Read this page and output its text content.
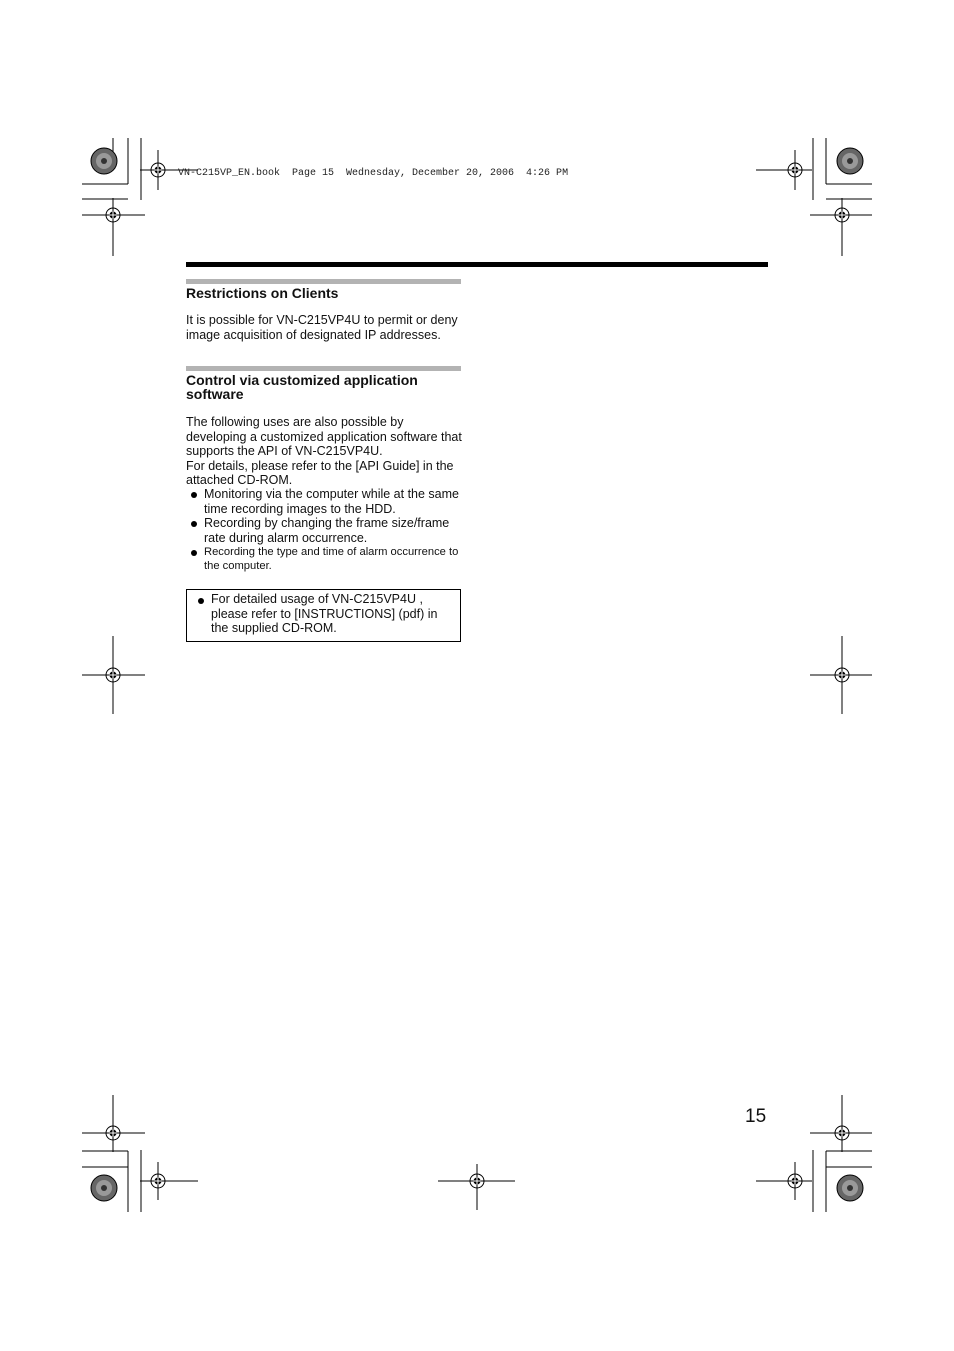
VN-C215VP_EN.book  Page 15  Wednesday, December 20, 2006  4:26 PM
Restrictions on Clients
It is possible for VN-C215VP4U to permit or deny image acquisition of designated IP addresses.
Control via customized application software
The following uses are also possible by developing a customized application software that supports the API of VN-C215VP4U.
For details, please refer to the [API Guide] in the attached CD-ROM.
Monitoring via the computer while at the same time recording images to the HDD.
Recording by changing the frame size/frame rate during alarm occurrence.
Recording the type and time of alarm occurrence to the computer.
For detailed usage of VN-C215VP4U , please refer to [INSTRUCTIONS] (pdf) in the supplied CD-ROM.
15
